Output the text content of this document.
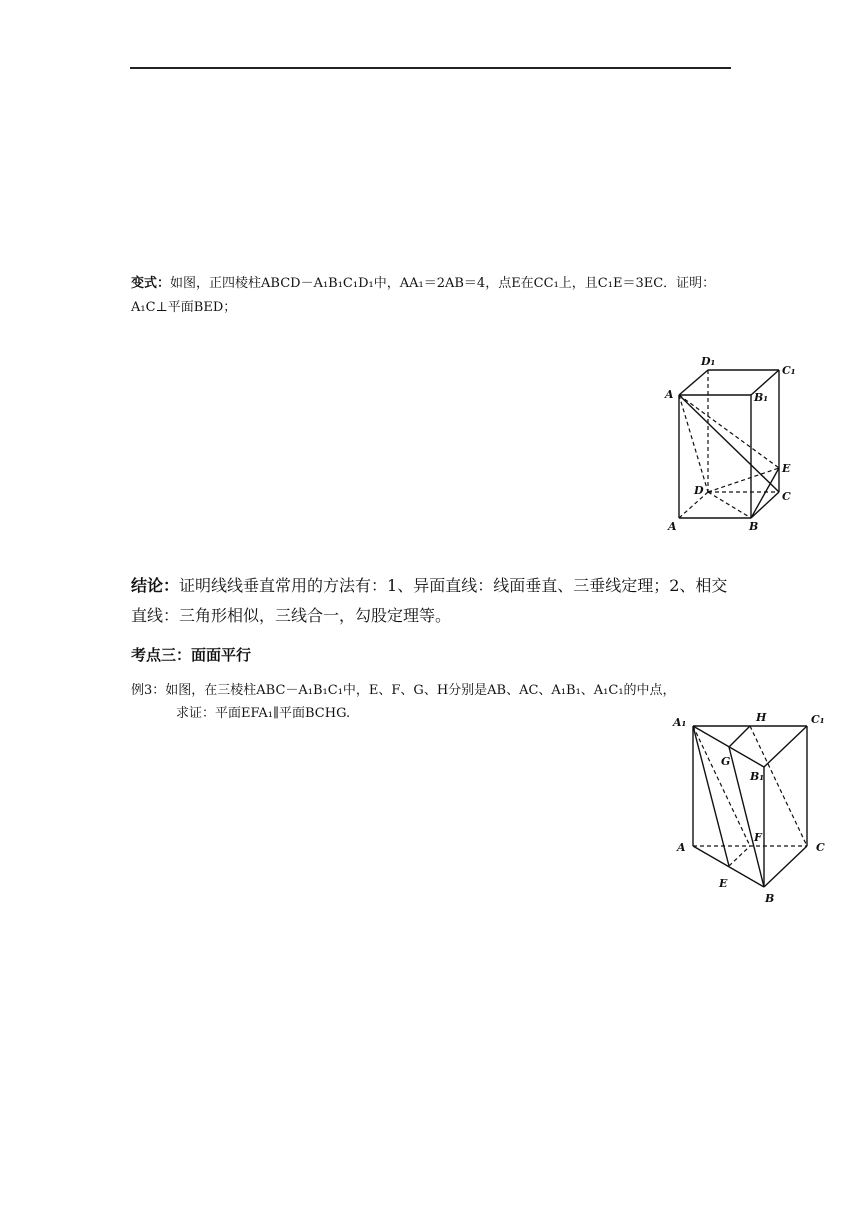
变式：如图，正四棱柱ABCD－A₁B₁C₁D₁中，AA₁＝2AB＝4，点E在CC₁上，且C₁E＝3EC．证明：A₁C⊥平面BED；
D₁
C₁
A	B₁
E
D	C
A	B
结论：证明线线垂直常用的方法有：1、异面直线：线面垂直、三垂线定理；2、相交直线：三角形相似，三线合一，勾股定理等。
考点三：面面平行
例3：如图，在三棱柱ABC－A₁B₁C₁中，E、F、G、H分别是AB、AC、A₁B₁、A₁C₁的中点，
求证：平面EFA₁∥平面BCHG.
A₁	H	C₁
G
B₁
F
A	C
E
B
